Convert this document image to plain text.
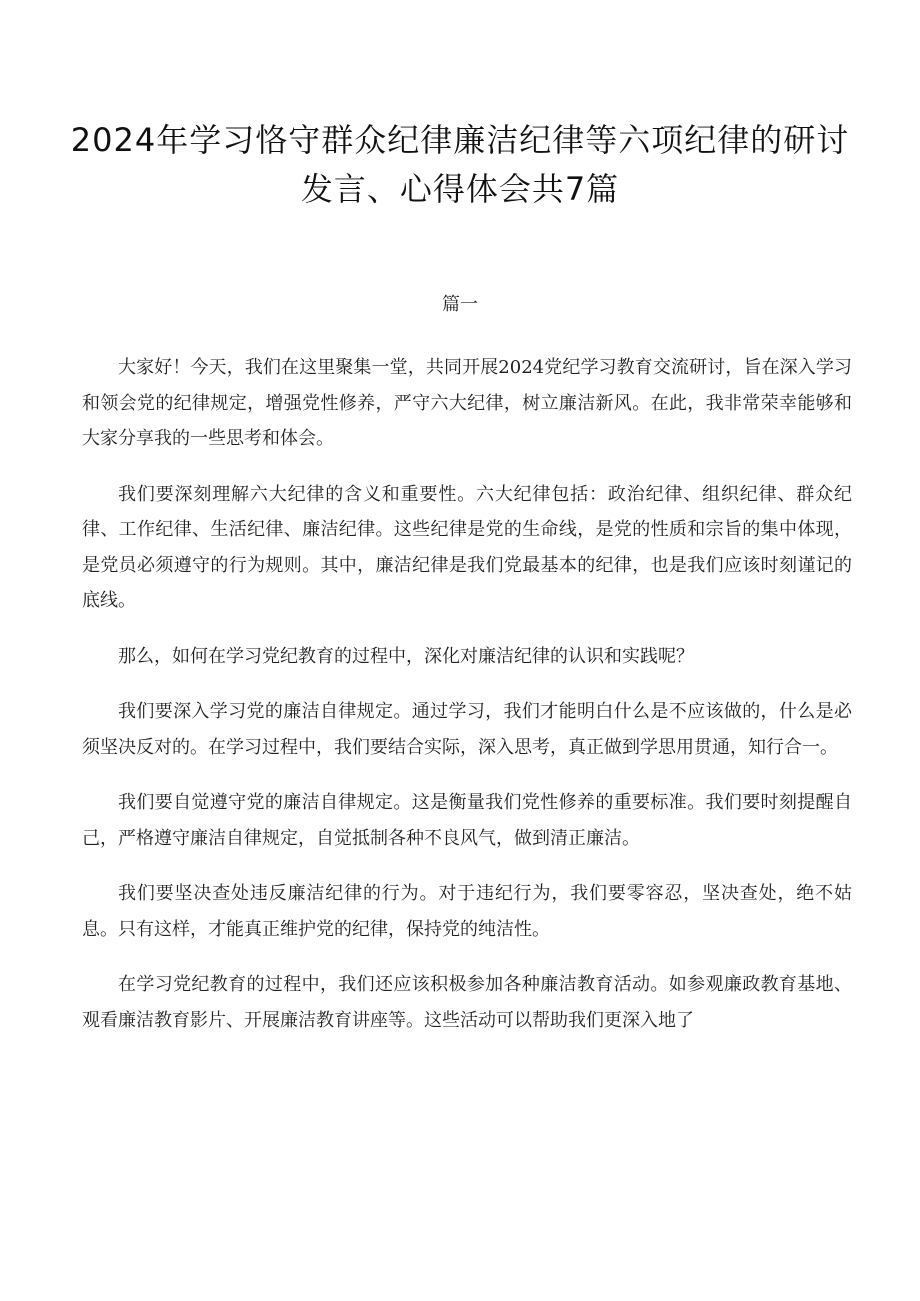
2024年学习恪守群众纪律廉洁纪律等六项纪律的研讨发言、心得体会共7篇
篇一

大家好！今天，我们在这里聚集一堂，共同开展2024党纪学习教育交流研讨，旨在深入学习和领会党的纪律规定，增强党性修养，严守六大纪律，树立廉洁新风。在此，我非常荣幸能够和大家分享我的一些思考和体会。

我们要深刻理解六大纪律的含义和重要性。六大纪律包括：政治纪律、组织纪律、群众纪律、工作纪律、生活纪律、廉洁纪律。这些纪律是党的生命线，是党的性质和宗旨的集中体现，是党员必须遵守的行为规则。其中，廉洁纪律是我们党最基本的纪律，也是我们应该时刻谨记的底线。

那么，如何在学习党纪教育的过程中，深化对廉洁纪律的认识和实践呢？

我们要深入学习党的廉洁自律规定。通过学习，我们才能明白什么是不应该做的，什么是必须坚决反对的。在学习过程中，我们要结合实际，深入思考，真正做到学思用贯通，知行合一。

我们要自觉遵守党的廉洁自律规定。这是衡量我们党性修养的重要标准。我们要时刻提醒自己，严格遵守廉洁自律规定，自觉抵制各种不良风气，做到清正廉洁。

我们要坚决查处违反廉洁纪律的行为。对于违纪行为，我们要零容忍，坚决查处，绝不姑息。只有这样，才能真正维护党的纪律，保持党的纯洁性。

在学习党纪教育的过程中，我们还应该积极参加各种廉洁教育活动。如参观廉政教育基地、观看廉洁教育影片、开展廉洁教育讲座等。这些活动可以帮助我们更深入地了
